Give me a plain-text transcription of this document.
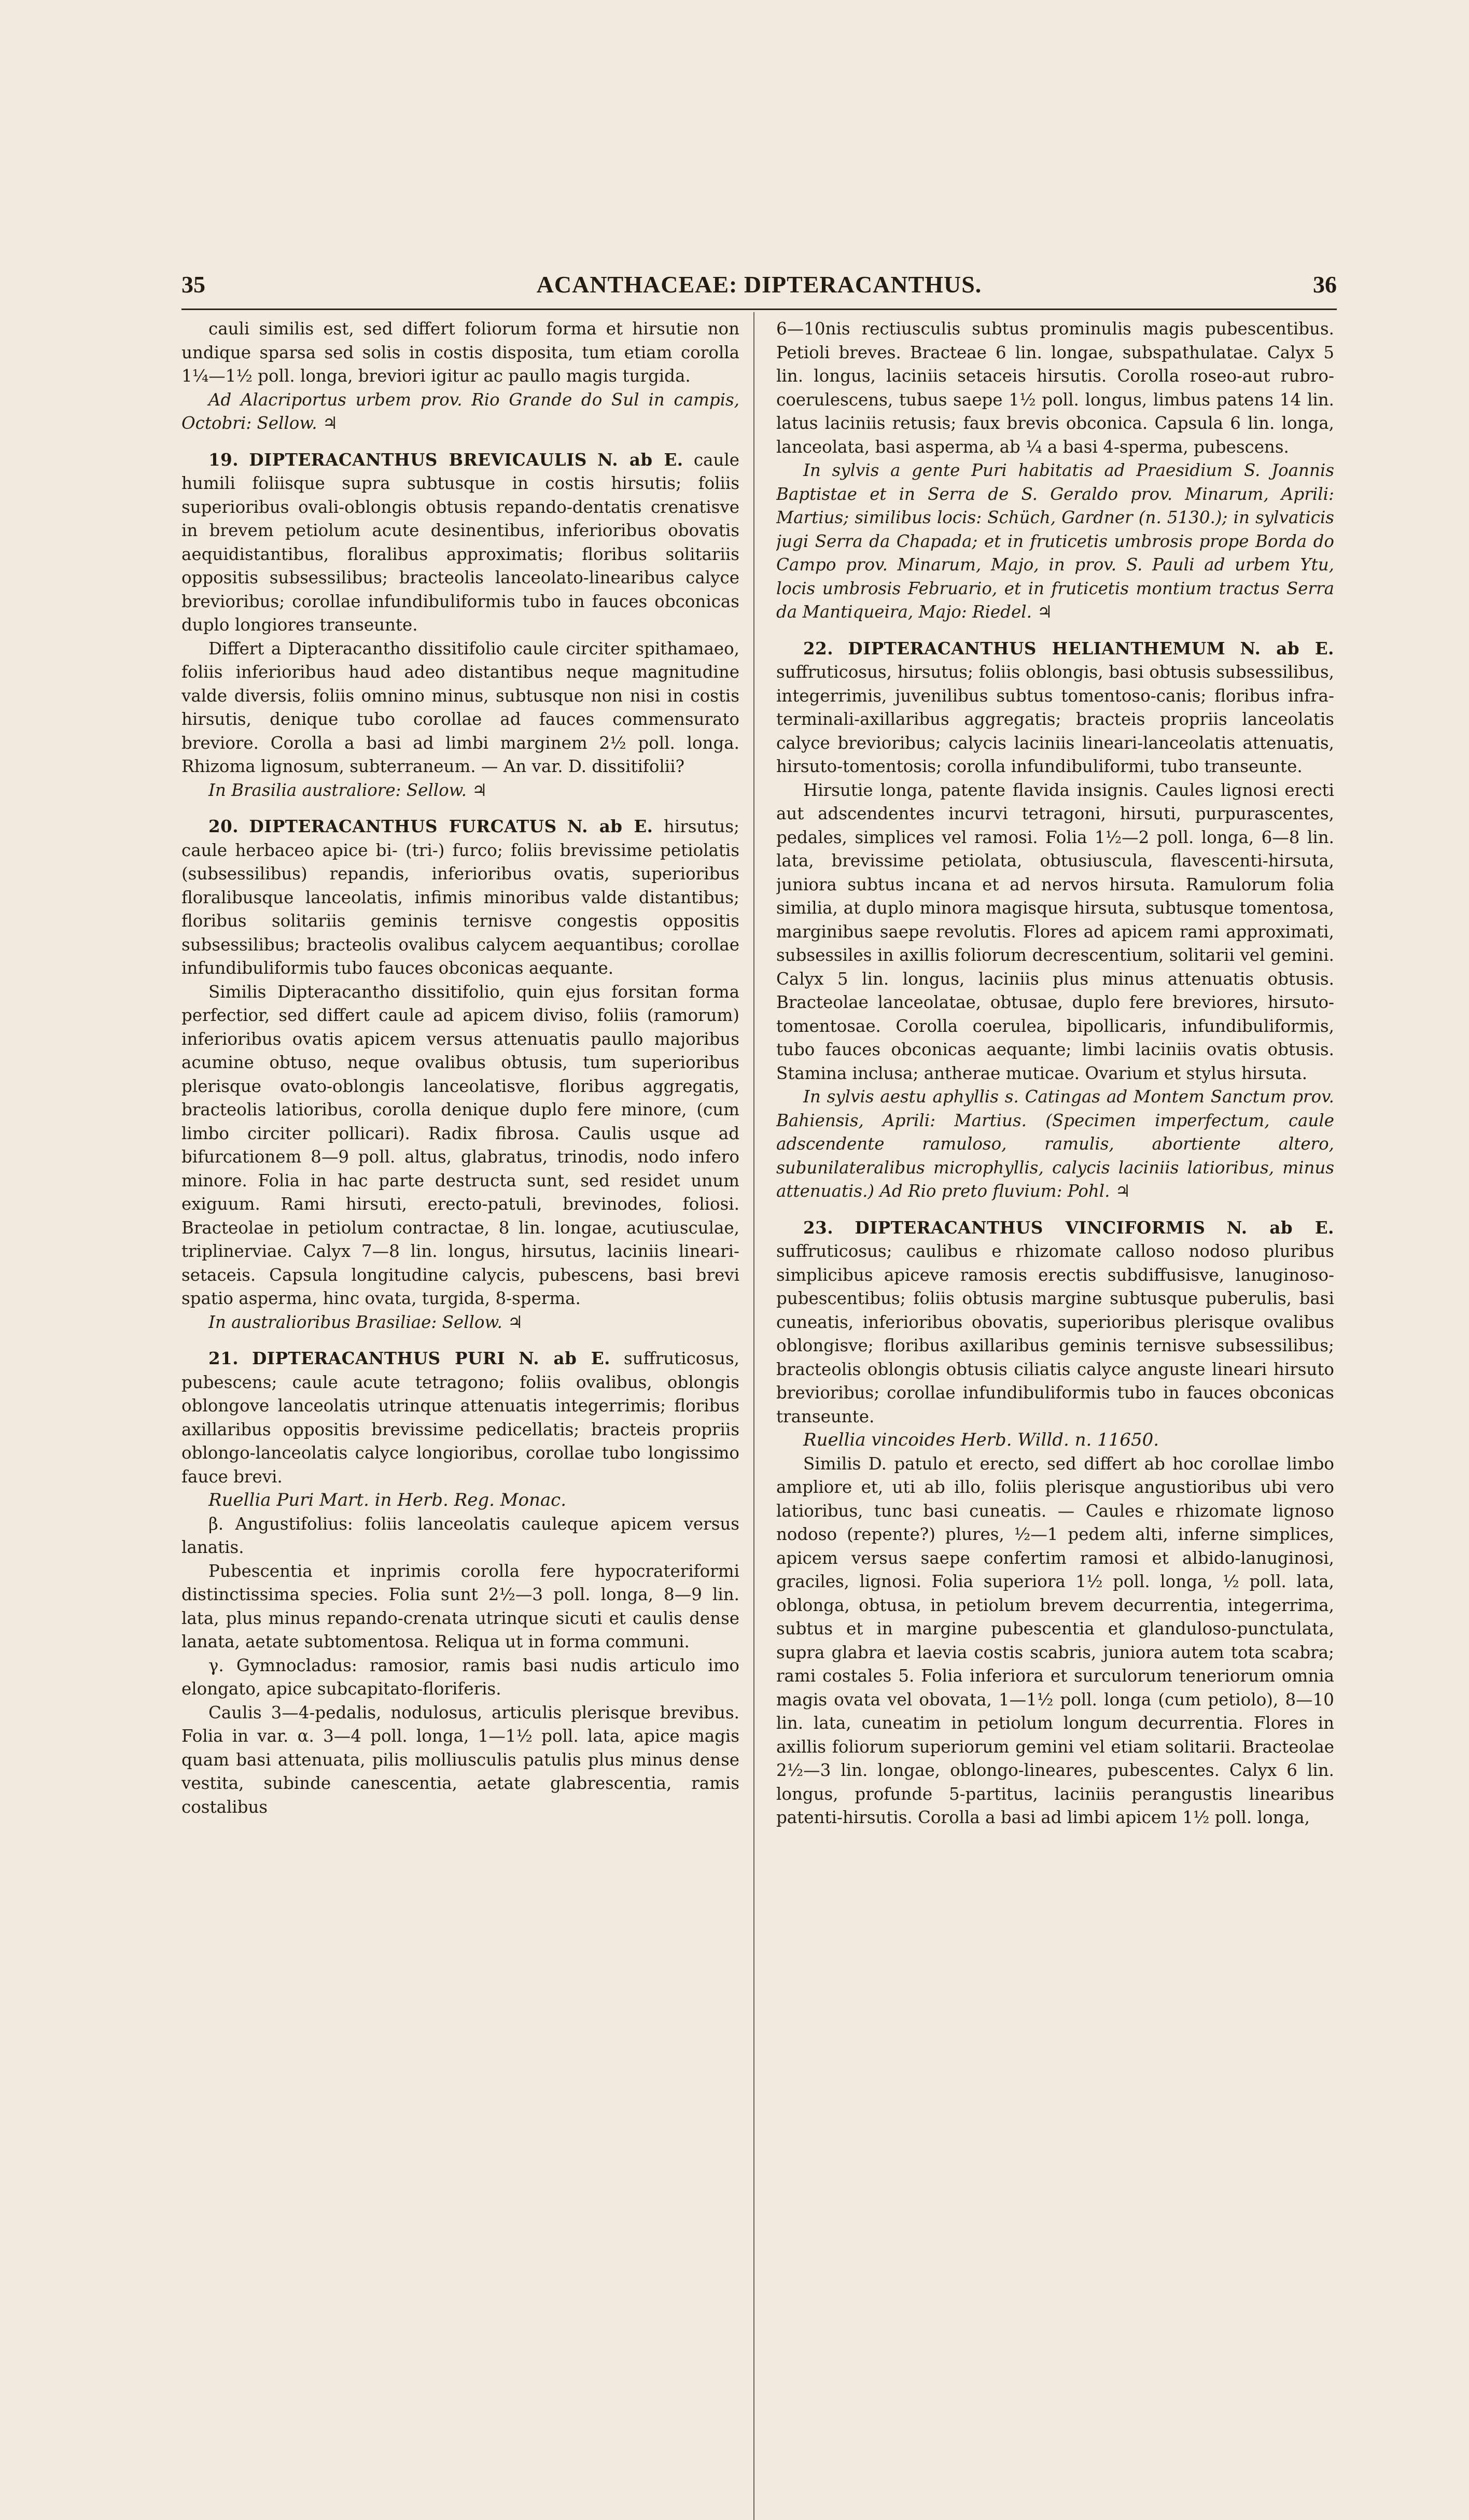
35	ACANTHACEAE: DIPTERACANTHUS.	36

cauli similis est, sed differt foliorum forma et hirsutie non undique sparsa sed solis in costis disposita, tum etiam corolla 1¼—1½ poll. longa, breviori igitur ac paullo magis turgida.

Ad Alacriportus urbem prov. Rio Grande do Sul in campis, Octobri: Sellow. ♃

19. DIPTERACANTHUS BREVICAULIS N. ab E. caule humili foliisque supra subtusque in costis hirsutis; foliis superioribus ovali-oblongis obtusis repando-dentatis crenatisve in brevem petiolum acute desinentibus, inferioribus obovatis aequidistantibus, floralibus approximatis; floribus solitariis oppositis subsessilibus; bracteolis lanceolato-linearibus calyce brevioribus; corollae infundibuliformis tubo in fauces obconicas duplo longiores transeunte.

Differt a Dipteracantho dissitifolio caule circiter spithamaeo, foliis inferioribus haud adeo distantibus neque magnitudine valde diversis, foliis omnino minus, subtusque non nisi in costis hirsutis, denique tubo corollae ad fauces commensurato breviore. Corolla a basi ad limbi marginem 2½ poll. longa. Rhizoma lignosum, subterraneum. — An var. D. dissitifolii?

In Brasilia australiore: Sellow. ♃

20. DIPTERACANTHUS FURCATUS N. ab E. hirsutus; caule herbaceo apice bi- (tri-) furco; foliis brevissime petiolatis (subsessilibus) repandis, inferioribus ovatis, superioribus floralibusque lanceolatis, infimis minoribus valde distantibus; floribus solitariis geminis ternisve congestis oppositis subsessilibus; bracteolis ovalibus calycem aequantibus; corollae infundibuliformis tubo fauces obconicas aequante.

Similis Dipteracantho dissitifolio, quin ejus forsitan forma perfectior, sed differt caule ad apicem diviso, foliis (ramorum) inferioribus ovatis apicem versus attenuatis paullo majoribus acumine obtuso, neque ovalibus obtusis, tum superioribus plerisque ovato-oblongis lanceolatisve, floribus aggregatis, bracteolis latioribus, corolla denique duplo fere minore, (cum limbo circiter pollicari). Radix fibrosa. Caulis usque ad bifurcationem 8—9 poll. altus, glabratus, trinodis, nodo infero minore. Folia in hac parte destructa sunt, sed residet unum exiguum. Rami hirsuti, erecto-patuli, brevinodes, foliosi. Bracteolae in petiolum contractae, 8 lin. longae, acutiusculae, triplinerviae. Calyx 7—8 lin. longus, hirsutus, laciniis lineari-setaceis. Capsula longitudine calycis, pubescens, basi brevi spatio asperma, hinc ovata, turgida, 8-sperma.

In australioribus Brasiliae: Sellow. ♃

21. DIPTERACANTHUS PURI N. ab E. suffruticosus, pubescens; caule acute tetragono; foliis ovalibus, oblongis oblongove lanceolatis utrinque attenuatis integerrimis; floribus axillaribus oppositis brevissime pedicellatis; bracteis propriis oblongo-lanceolatis calyce longioribus, corollae tubo longissimo fauce brevi.

Ruellia Puri Mart. in Herb. Reg. Monac.

β. Angustifolius: foliis lanceolatis cauleque apicem versus lanatis.

Pubescentia et inprimis corolla fere hypocrateriformi distinctissima species. Folia sunt 2½—3 poll. longa, 8—9 lin. lata, plus minus repando-crenata utrinque sicuti et caulis dense lanata, aetate subtomentosa. Reliqua ut in forma communi.

γ. Gymnocladus: ramosior, ramis basi nudis articulo imo elongato, apice subcapitato-floriferis.

Caulis 3—4-pedalis, nodulosus, articulis plerisque brevibus. Folia in var. α. 3—4 poll. longa, 1—1½ poll. lata, apice magis quam basi attenuata, pilis molliusculis patulis plus minus dense vestita, subinde canescentia, aetate glabrescentia, ramis costalibus

6—10nis rectiusculis subtus prominulis magis pubescentibus. Petioli breves. Bracteae 6 lin. longae, subspathulatae. Calyx 5 lin. longus, laciniis setaceis hirsutis. Corolla roseo-aut rubro-coerulescens, tubus saepe 1½ poll. longus, limbus patens 14 lin. latus laciniis retusis; faux brevis obconica. Capsula 6 lin. longa, lanceolata, basi asperma, ab ¼ a basi 4-sperma, pubescens.

In sylvis a gente Puri habitatis ad Praesidium S. Joannis Baptistae et in Serra de S. Geraldo prov. Minarum, Aprili: Martius; similibus locis: Schüch, Gardner (n. 5130.); in sylvaticis jugi Serra da Chapada; et in fruticetis umbrosis prope Borda do Campo prov. Minarum, Majo, in prov. S. Pauli ad urbem Ytu, locis umbrosis Februario, et in fruticetis montium tractus Serra da Mantiqueira, Majo: Riedel. ♃

22. DIPTERACANTHUS HELIANTHEMUM N. ab E. suffruticosus, hirsutus; foliis oblongis, basi obtusis subsessilibus, integerrimis, juvenilibus subtus tomentoso-canis; floribus infra-terminali-axillaribus aggregatis; bracteis propriis lanceolatis calyce brevioribus; calycis laciniis lineari-lanceolatis attenuatis, hirsuto-tomentosis; corolla infundibuliformi, tubo transeunte.

Hirsutie longa, patente flavida insignis. Caules lignosi erecti aut adscendentes incurvi tetragoni, hirsuti, purpurascentes, pedales, simplices vel ramosi. Folia 1½—2 poll. longa, 6—8 lin. lata, brevissime petiolata, obtusiuscula, flavescenti-hirsuta, juniora subtus incana et ad nervos hirsuta. Ramulorum folia similia, at duplo minora magisque hirsuta, subtusque tomentosa, marginibus saepe revolutis. Flores ad apicem rami approximati, subsessiles in axillis foliorum decrescentium, solitarii vel gemini. Calyx 5 lin. longus, laciniis plus minus attenuatis obtusis. Bracteolae lanceolatae, obtusae, duplo fere breviores, hirsuto-tomentosae. Corolla coerulea, bipollicaris, infundibuliformis, tubo fauces obconicas aequante; limbi laciniis ovatis obtusis. Stamina inclusa; antherae muticae. Ovarium et stylus hirsuta.

In sylvis aestu aphyllis s. Catingas ad Montem Sanctum prov. Bahiensis, Aprili: Martius. (Specimen imperfectum, caule adscendente ramuloso, ramulis, abortiente altero, subunilateralibus microphyllis, calycis laciniis latioribus, minus attenuatis.) Ad Rio preto fluvium: Pohl. ♃

23. DIPTERACANTHUS VINCIFORMIS N. ab E. suffruticosus; caulibus e rhizomate calloso nodoso pluribus simplicibus apiceve ramosis erectis subdiffusisve, lanuginoso-pubescentibus; foliis obtusis margine subtusque puberulis, basi cuneatis, inferioribus obovatis, superioribus plerisque ovalibus oblongisve; floribus axillaribus geminis ternisve subsessilibus; bracteolis oblongis obtusis ciliatis calyce angustе lineari hirsuto brevioribus; corollae infundibuliformis tubo in fauces obconicas transeunte.

Ruellia vincoides Herb. Willd. n. 11650.

Similis D. patulo et erecto, sed differt ab hoc corollae limbo ampliore et, uti ab illo, foliis plerisque angustioribus ubi vero latioribus, tunc basi cuneatis. — Caules e rhizomate lignoso nodoso (repente?) plures, ½—1 pedem alti, inferne simplices, apicem versus saepe confertim ramosi et albido-lanuginosi, graciles, lignosi. Folia superiora 1½ poll. longa, ½ poll. lata, oblonga, obtusa, in petiolum brevem decurrentia, integerrima, subtus et in margine pubescentia et glanduloso-punctulata, supra glabra et laevia costis scabris, juniora autem tota scabra; rami costales 5. Folia inferiora et surculorum teneriorum omnia magis ovata vel obovata, 1—1½ poll. longa (cum petiolo), 8—10 lin. lata, cuneatim in petiolum longum decurrentia. Flores in axillis foliorum superiorum gemini vel etiam solitarii. Bracteolae 2½—3 lin. longae, oblongo-lineares, pubescentes. Calyx 6 lin. longus, profunde 5-partitus, laciniis perangustis linearibus patenti-hirsutis. Corolla a basi ad limbi apicem 1½ poll. longa,
